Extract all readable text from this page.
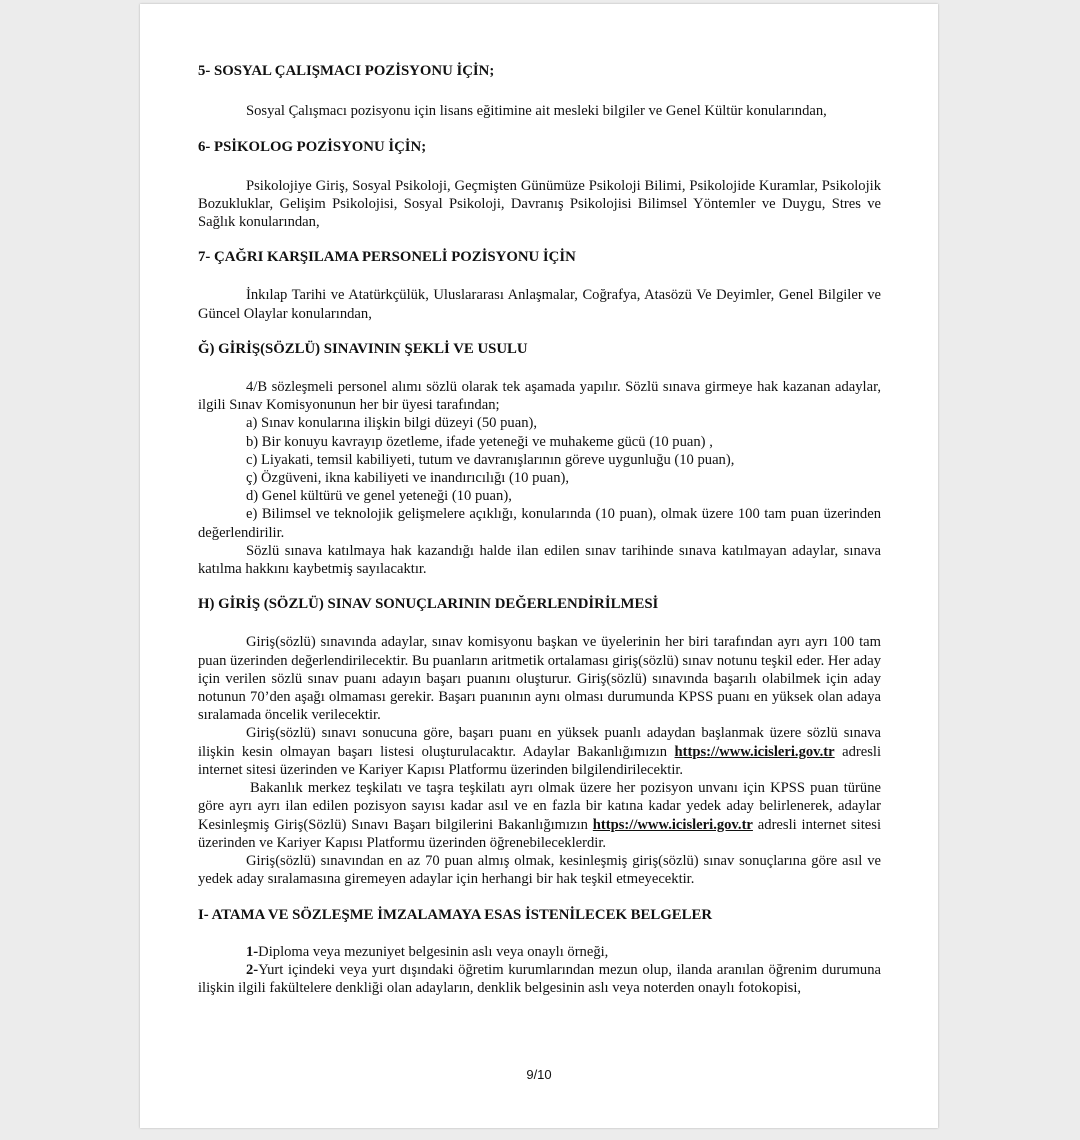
5- SOSYAL ÇALIŞMACI POZİSYONU İÇİN;

Sosyal Çalışmacı pozisyonu için lisans eğitimine ait mesleki bilgiler ve Genel Kültür konularından,

6- PSİKOLOG POZİSYONU İÇİN;

Psikolojiye Giriş, Sosyal Psikoloji, Geçmişten Günümüze Psikoloji Bilimi, Psikolojide Kuramlar, Psikolojik Bozukluklar, Gelişim Psikolojisi, Sosyal Psikoloji, Davranış Psikolojisi Bilimsel Yöntemler ve Duygu, Stres ve Sağlık konularından,

7- ÇAĞRI KARŞILAMA PERSONELİ POZİSYONU İÇİN

İnkılap Tarihi ve Atatürkçülük, Uluslararası Anlaşmalar, Coğrafya, Atasözü Ve Deyimler, Genel Bilgiler ve Güncel Olaylar konularından,

Ğ) GİRİŞ(SÖZLÜ) SINAVININ ŞEKLİ VE USULU

4/B sözleşmeli personel alımı sözlü olarak tek aşamada yapılır. Sözlü sınava girmeye hak kazanan adaylar, ilgili Sınav Komisyonunun her bir üyesi tarafından;

a) Sınav konularına ilişkin bilgi düzeyi (50 puan),

b) Bir konuyu kavrayıp özetleme, ifade yeteneği ve muhakeme gücü (10 puan) ,

c) Liyakati, temsil kabiliyeti, tutum ve davranışlarının göreve uygunluğu (10 puan),

ç) Özgüveni, ikna kabiliyeti ve inandırıcılığı (10 puan),

d) Genel kültürü ve genel yeteneği (10 puan),

e) Bilimsel ve teknolojik gelişmelere açıklığı, konularında (10 puan), olmak üzere 100 tam puan üzerinden değerlendirilir.

Sözlü sınava katılmaya hak kazandığı halde ilan edilen sınav tarihinde sınava katılmayan adaylar, sınava katılma hakkını kaybetmiş sayılacaktır.

H) GİRİŞ (SÖZLÜ) SINAV SONUÇLARININ DEĞERLENDİRİLMESİ

Giriş(sözlü) sınavında adaylar, sınav komisyonu başkan ve üyelerinin her biri tarafından ayrı ayrı 100 tam puan üzerinden değerlendirilecektir. Bu puanların aritmetik ortalaması giriş(sözlü) sınav notunu teşkil eder. Her aday için verilen sözlü sınav puanı adayın başarı puanını oluşturur. Giriş(sözlü) sınavında başarılı olabilmek için aday notunun 70’den aşağı olmaması gerekir. Başarı puanının aynı olması durumunda KPSS puanı en yüksek olan adaya sıralamada öncelik verilecektir.

Giriş(sözlü) sınavı sonucuna göre, başarı puanı en yüksek puanlı adaydan başlanmak üzere sözlü sınava ilişkin kesin olmayan başarı listesi oluşturulacaktır. Adaylar Bakanlığımızın https://www.icisleri.gov.tr adresli internet sitesi üzerinden ve Kariyer Kapısı Platformu üzerinden bilgilendirilecektir.

Bakanlık merkez teşkilatı ve taşra teşkilatı ayrı olmak üzere her pozisyon unvanı için KPSS puan türüne göre ayrı ayrı ilan edilen pozisyon sayısı kadar asıl ve en fazla bir katına kadar yedek aday belirlenerek, adaylar Kesinleşmiş Giriş(Sözlü) Sınavı Başarı bilgilerini Bakanlığımızın https://www.icisleri.gov.tr adresli internet sitesi üzerinden ve Kariyer Kapısı Platformu üzerinden öğrenebileceklerdir.

Giriş(sözlü) sınavından en az 70 puan almış olmak, kesinleşmiş giriş(sözlü) sınav sonuçlarına göre asıl ve yedek aday sıralamasına giremeyen adaylar için herhangi bir hak teşkil etmeyecektir.

I- ATAMA VE SÖZLEŞME İMZALAMAYA ESAS İSTENİLECEK BELGELER

1-Diploma veya mezuniyet belgesinin aslı veya onaylı örneği,

2-Yurt içindeki veya yurt dışındaki öğretim kurumlarından mezun olup, ilanda aranılan öğrenim durumuna ilişkin ilgili fakültelere denkliği olan adayların, denklik belgesinin aslı veya noterden onaylı fotokopisi,

9/10
